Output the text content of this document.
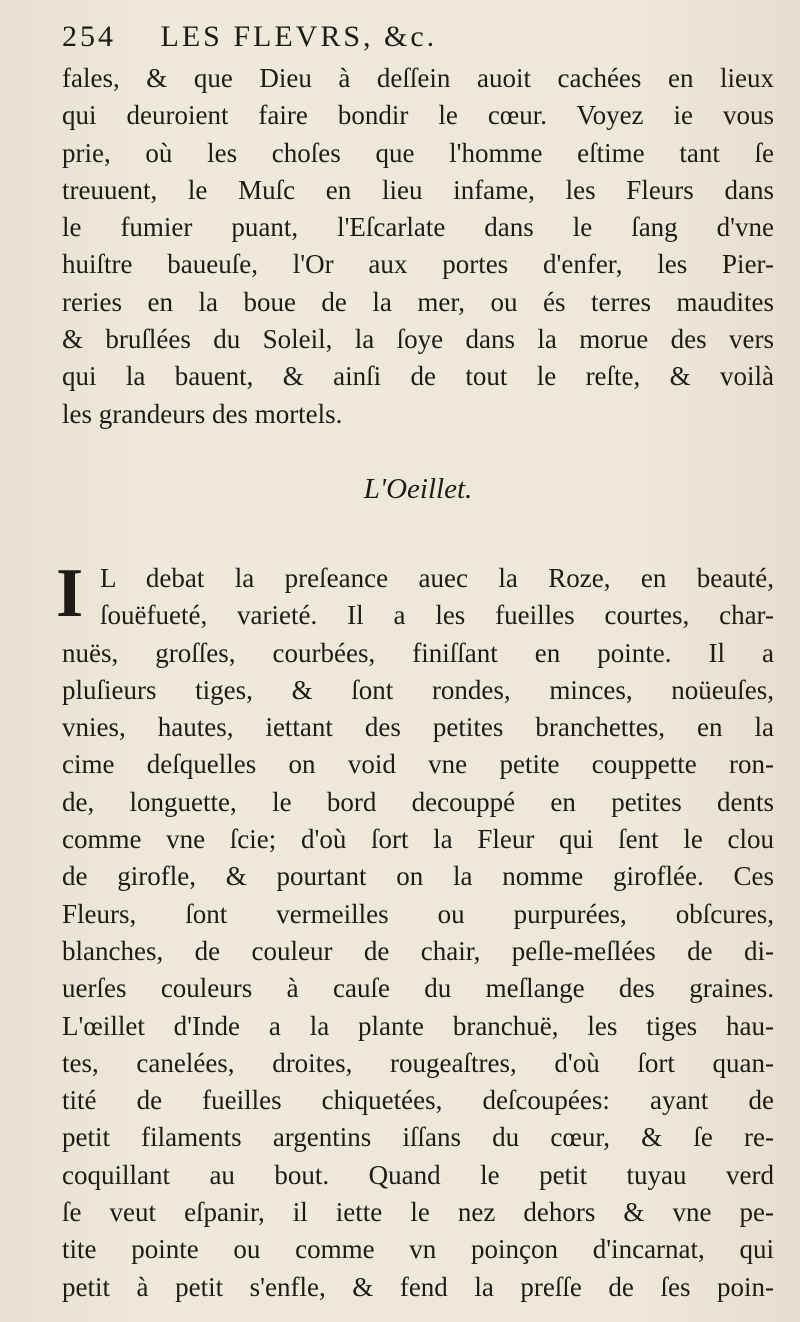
254 LES FLEVRS, &c.
fales, & que Dieu à deſſein auoit cachées en lieux
qui deuroient faire bondir le cœur. Voyez ie vous
prie, où les choſes que l'homme eſtime tant ſe
treuuent, le Muſc en lieu infame, les Fleurs dans
le fumier puant, l'Eſcarlate dans le ſang d'vne
huiſtre baueuſe, l'Or aux portes d'enfer, les Pier-
reries en la boue de la mer, ou és terres maudites
& bruſlées du Soleil, la ſoye dans la morue des vers
qui la bauent, & ainſi de tout le reſte, & voilà
les grandeurs des mortels.
L'Oeillet.
I L debat la preſeance auec la Roze, en beauté,
ſouëfueté, varieté. Il a les fueilles courtes, char-
nuës, groſſes, courbées, finiſſant en pointe. Il a
pluſieurs tiges, & ſont rondes, minces, noüeuſes,
vnies, hautes, iettant des petites branchettes, en la
cime deſquelles on void vne petite couppette ron-
de, longuette, le bord decouppé en petites dents
comme vne ſcie; d'où ſort la Fleur qui ſent le clou
de girofle, & pourtant on la nomme giroflée. Ces
Fleurs, ſont vermeilles ou purpurées, obſcures,
blanches, de couleur de chair, peſle-meſlées de di-
uerſes couleurs à cauſe du meſlange des graines.
L'œillet d'Inde a la plante branchuë, les tiges hau-
tes, canelées, droites, rougeaſtres, d'où ſort quan-
tité de fueilles chiquetées, deſcoupées: ayant de
petit filaments argentins iſſans du cœur, & ſe re-
coquillant au bout. Quand le petit tuyau verd
ſe veut eſpanir, il iette le nez dehors & vne pe-
tite pointe ou comme vn poinçon d'incarnat, qui
petit à petit s'enfle, & fend la preſſe de ſes poin-
